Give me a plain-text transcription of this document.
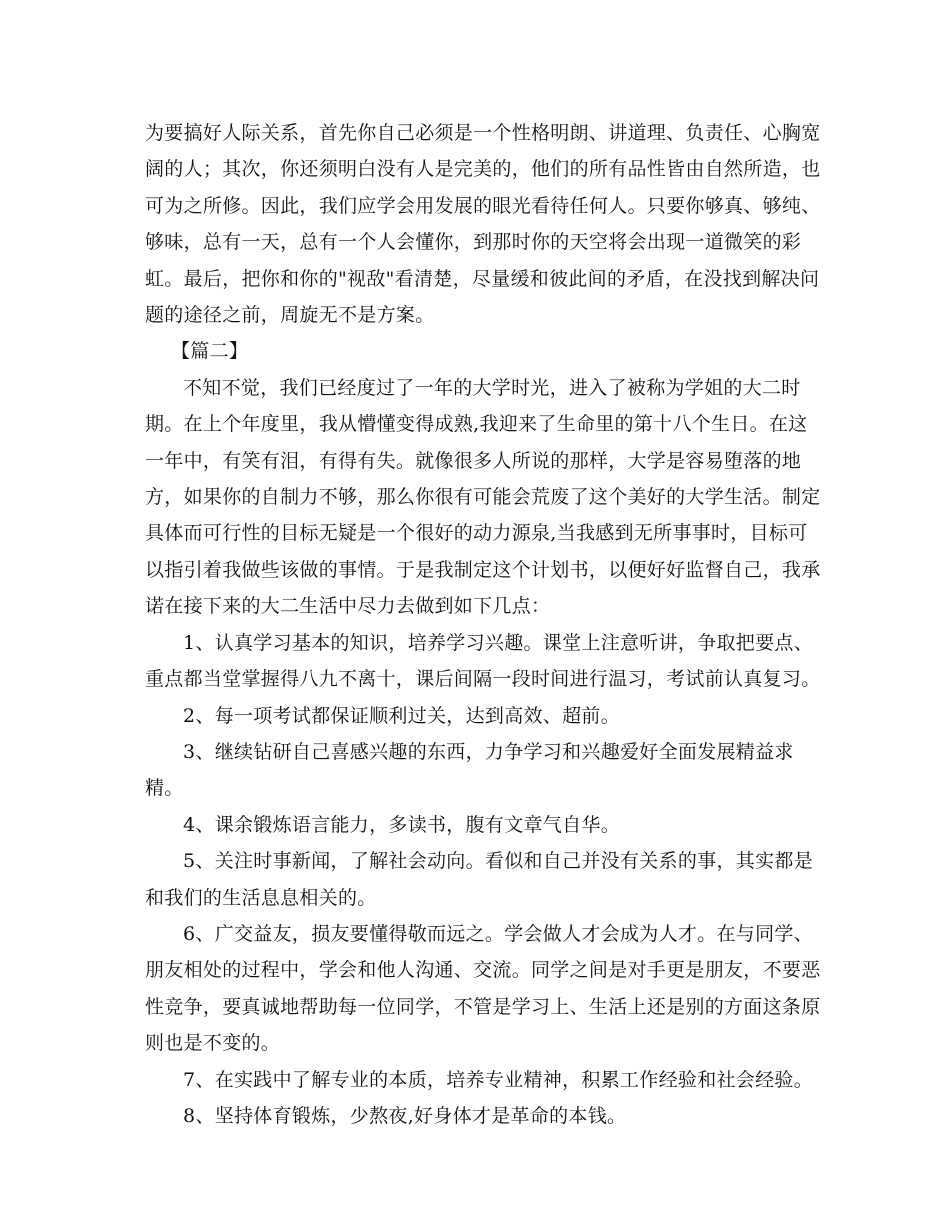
为要搞好人际关系，首先你自己必须是一个性格明朗、讲道理、负责任、心胸宽阔的人；其次，你还须明白没有人是完美的，他们的所有品性皆由自然所造，也可为之所修。因此，我们应学会用发展的眼光看待任何人。只要你够真、够纯、够味，总有一天，总有一个人会懂你，到那时你的天空将会出现一道微笑的彩虹。最后，把你和你的"视敌"看清楚，尽量缓和彼此间的矛盾，在没找到解决问题的途径之前，周旋无不是方案。

【篇二】

不知不觉，我们已经度过了一年的大学时光，进入了被称为学姐的大二时期。在上个年度里，我从懵懂变得成熟,我迎来了生命里的第十八个生日。在这一年中，有笑有泪，有得有失。就像很多人所说的那样，大学是容易堕落的地方，如果你的自制力不够，那么你很有可能会荒废了这个美好的大学生活。制定具体而可行性的目标无疑是一个很好的动力源泉,当我感到无所事事时，目标可以指引着我做些该做的事情。于是我制定这个计划书，以便好好监督自己，我承诺在接下来的大二生活中尽力去做到如下几点：

1、认真学习基本的知识，培养学习兴趣。课堂上注意听讲，争取把要点、重点都当堂掌握得八九不离十，课后间隔一段时间进行温习，考试前认真复习。

2、每一项考试都保证顺利过关，达到高效、超前。

3、继续钻研自己喜感兴趣的东西，力争学习和兴趣爱好全面发展精益求精。

4、课余锻炼语言能力，多读书，腹有文章气自华。

5、关注时事新闻，了解社会动向。看似和自己并没有关系的事，其实都是和我们的生活息息相关的。

6、广交益友，损友要懂得敬而远之。学会做人才会成为人才。在与同学、朋友相处的过程中，学会和他人沟通、交流。同学之间是对手更是朋友，不要恶性竞争，要真诚地帮助每一位同学，不管是学习上、生活上还是别的方面这条原则也是不变的。

7、在实践中了解专业的本质，培养专业精神，积累工作经验和社会经验。

8、坚持体育锻炼，少熬夜,好身体才是革命的本钱。
